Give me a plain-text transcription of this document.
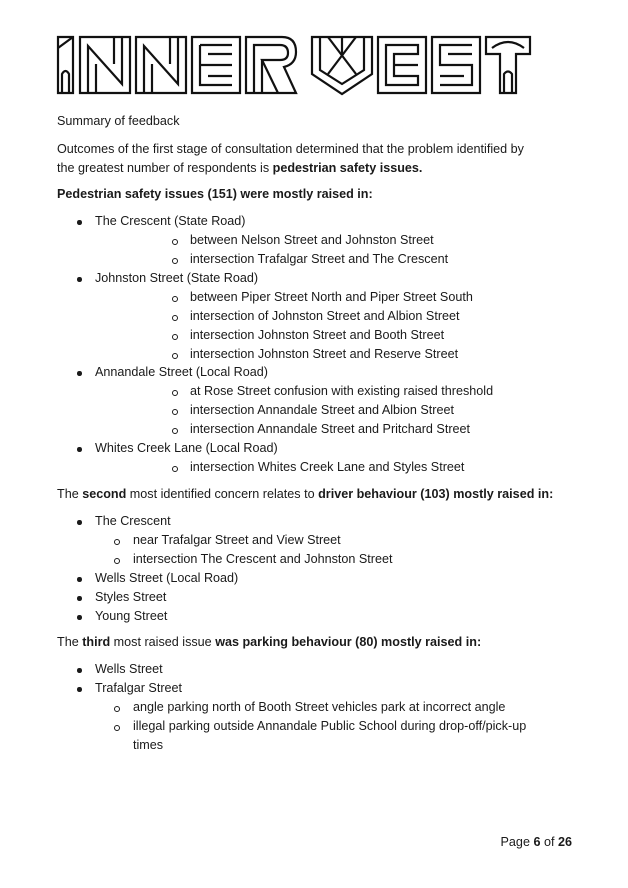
Summary of feedback
Outcomes of the first stage of consultation determined that the problem identified by
the greatest number of respondents is pedestrian safety issues.
Pedestrian safety issues (151) were mostly raised in:
The Crescent (State Road)
between Nelson Street and Johnston Street
intersection Trafalgar Street and The Crescent
Johnston Street (State Road)
between Piper Street North and Piper Street South
intersection of Johnston Street and Albion Street
intersection Johnston Street and Booth Street
intersection Johnston Street and Reserve Street
Annandale Street (Local Road)
at Rose Street confusion with existing raised threshold
intersection Annandale Street and Albion Street
intersection Annandale Street and Pritchard Street
Whites Creek Lane (Local Road)
intersection Whites Creek Lane and Styles Street
The second most identified concern relates to driver behaviour (103) mostly raised in:
The Crescent
near Trafalgar Street and View Street
intersection The Crescent and Johnston Street
Wells Street (Local Road)
Styles Street
Young Street
The third most raised issue was parking behaviour (80) mostly raised in:
Wells Street
Trafalgar Street
angle parking north of Booth Street vehicles park at incorrect angle
illegal parking outside Annandale Public School during drop-off/pick-up
times
Page 6 of 26
